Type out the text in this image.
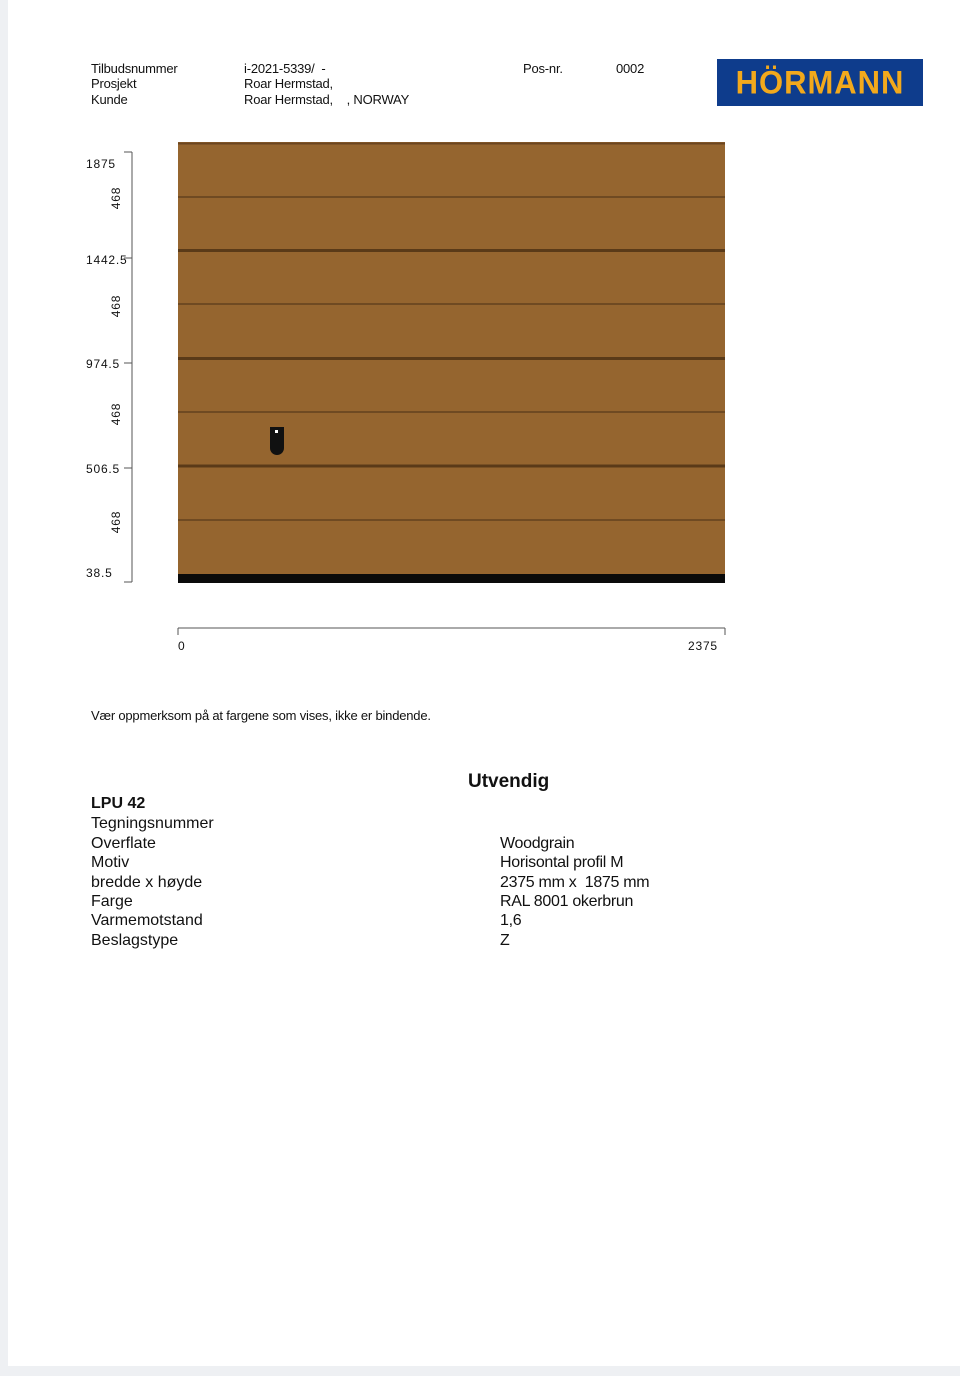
Tilbudsnummer	i-2021-5339/  -
Prosjekt	Roar Hermstad,
Kunde	Roar Hermstad,    , NORWAY
Pos-nr.	0002	HÖRMANN
1875
1442.5
974.5
506.5
38.5
468
468
468
468
0	2375
Vær oppmerksom på at fargene som vises, ikke er bindende.
Utvendig
LPU 42
Tegningsnummer
Overflate	Woodgrain
Motiv	Horisontal profil M
bredde x høyde	2375 mm x  1875 mm
Farge	RAL 8001 okerbrun
Varmemotstand	1,6
Beslagstype	Z
